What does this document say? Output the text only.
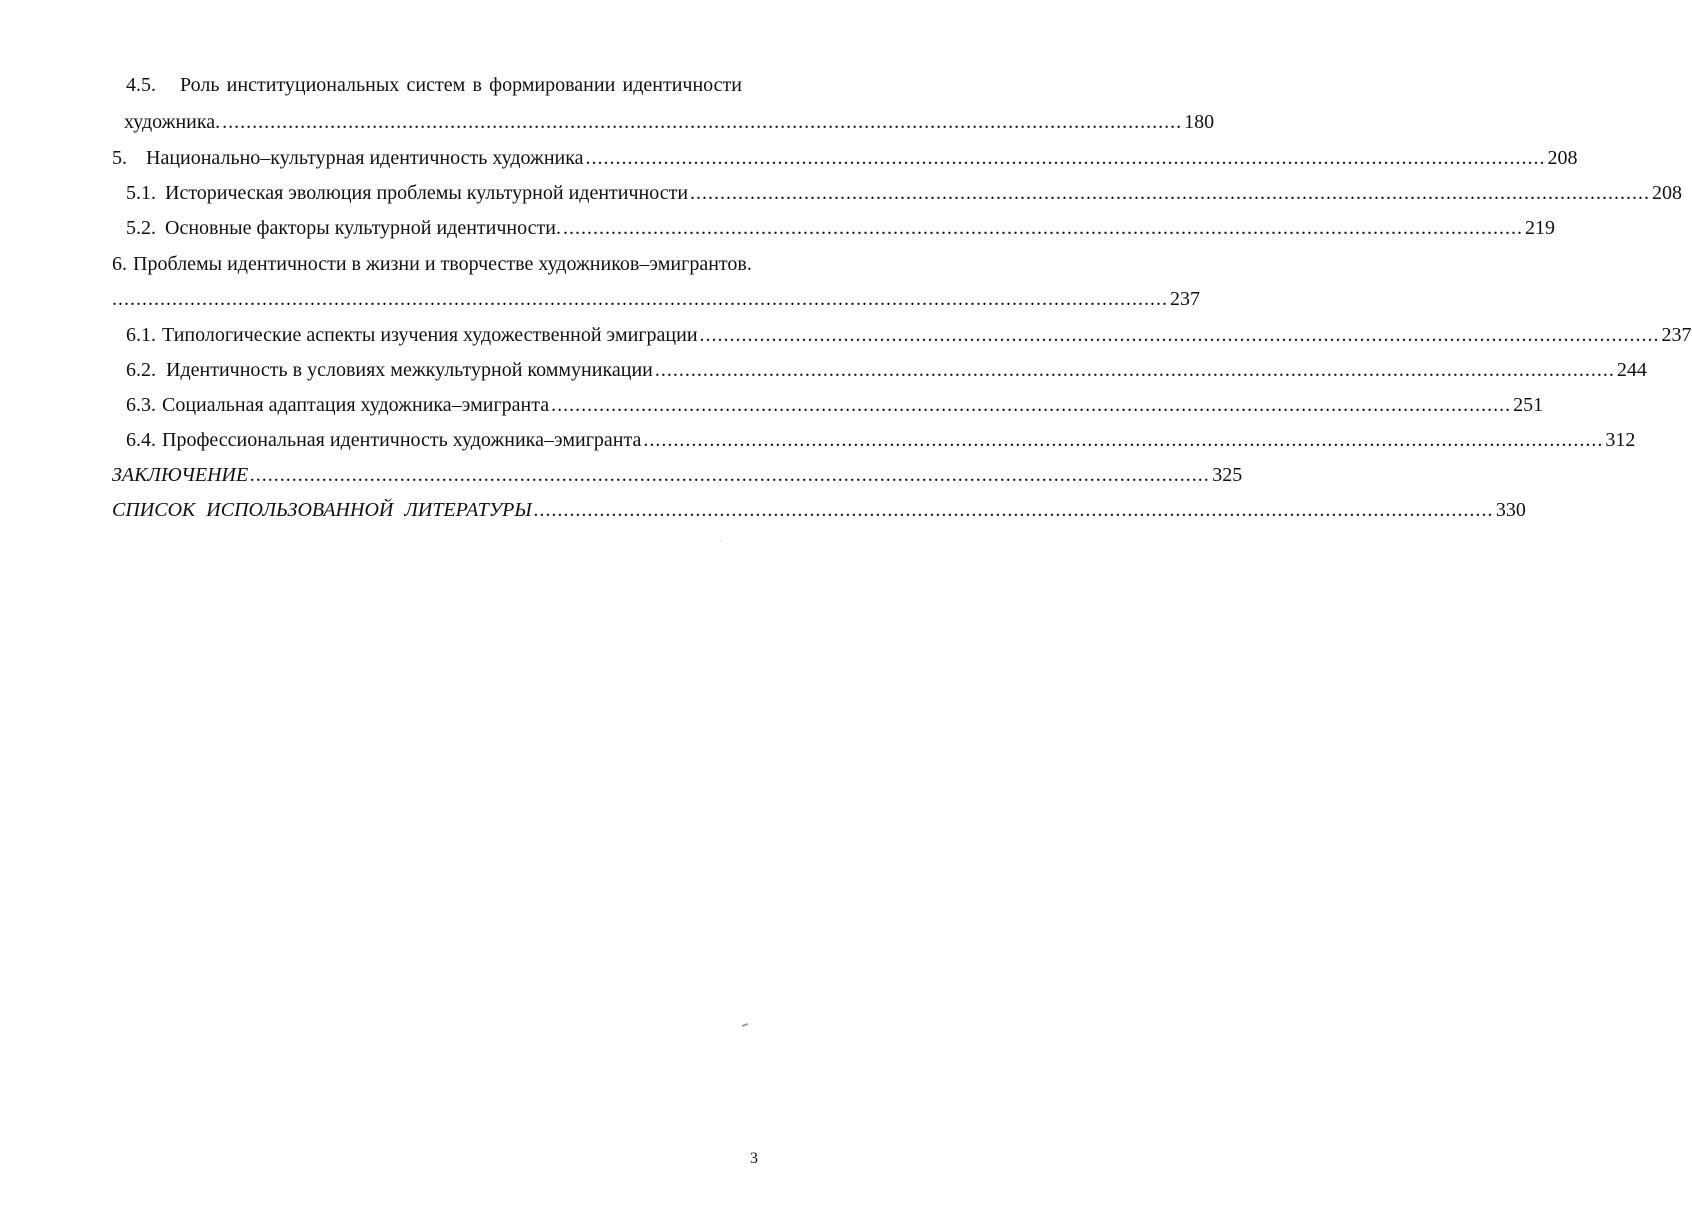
4.5. Роль институциональных систем в формировании идентичности
художника. ................................................................................................................................................................ 180
5. Национально–культурная идентичность художника ................................................................................................................................................................ 208
5.1. Историческая эволюция проблемы культурной идентичности ................................................................................................................................................................ 208
5.2. Основные факторы культурной идентичности. ................................................................................................................................................................ 219
6. Проблемы идентичности в жизни и творчестве художников–эмигрантов.
................................................................................................................................................................................ 237
6.1. Типологические аспекты изучения художественной эмиграции ................................................................................................................................................................ 237
6.2. Идентичность в условиях межкультурной коммуникации ................................................................................................................................................................ 244
6.3. Социальная адаптация художника–эмигранта ................................................................................................................................................................ 251
6.4. Профессиональная идентичность художника–эмигранта ................................................................................................................................................................ 312
ЗАКЛЮЧЕНИЕ ................................................................................................................................................................ 325
СПИСОК ИСПОЛЬЗОВАННОЙ ЛИТЕРАТУРЫ ................................................................................................................................................................ 330
3
